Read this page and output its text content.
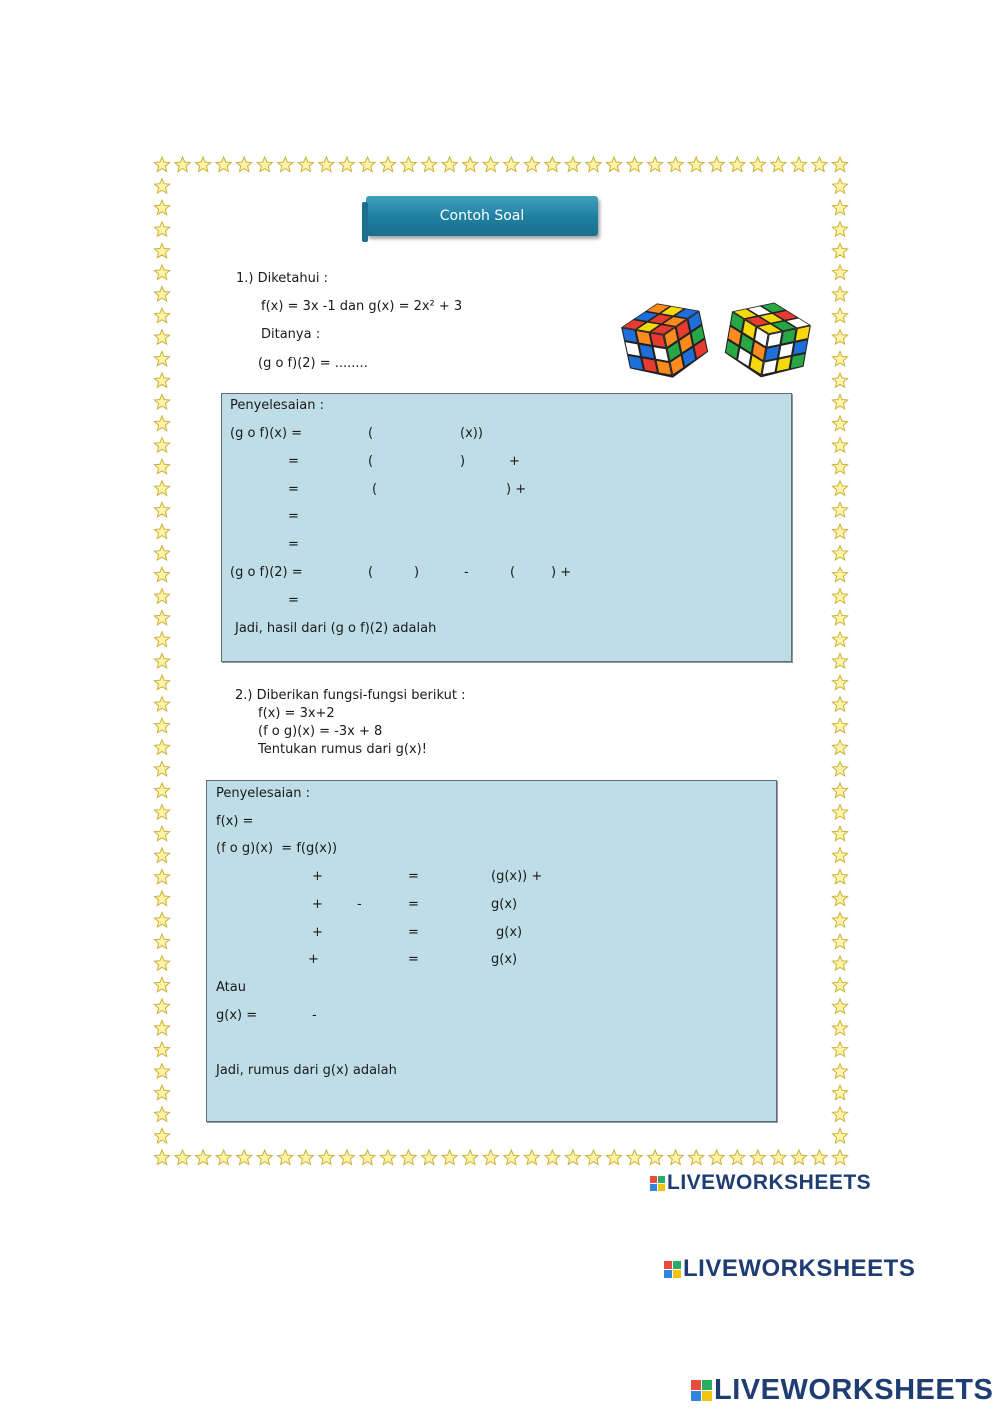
Contoh Soal
1.) Diketahui :
f(x) = 3x -1 dan g(x) = 2x² + 3
Ditanya :
(g o f)(2) = ........
Penyelesaian :
(g o f)(x) =	(	(x))
=	(	)	+
=	(	) +
=
=
(g o f)(2) =	(	)	-	(	) +
=
Jadi, hasil dari (g o f)(2) adalah
2.) Diberikan fungsi-fungsi berikut :
f(x) = 3x+2
(f o g)(x) = -3x + 8
Tentukan rumus dari g(x)!
Penyelesaian :
f(x) =
(f o g)(x)  = f(g(x))
+	=	(g(x)) +
+	-	=	g(x)
+	=	g(x)
+	=	g(x)
Atau
g(x) =	-
Jadi, rumus dari g(x) adalah
LIVEWORKSHEETS
LIVEWORKSHEETS
LIVEWORKSHEETS
